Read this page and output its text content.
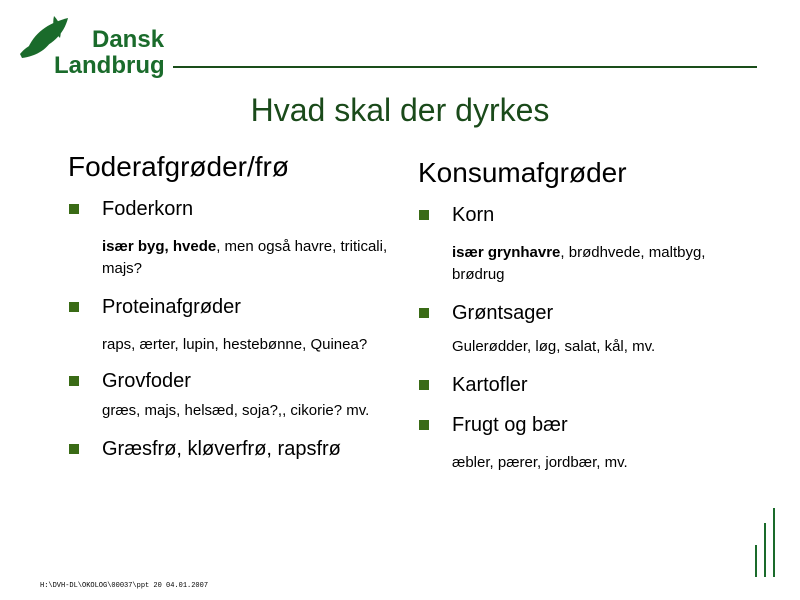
Dansk
Landbrug
Hvad skal der dyrkes
Foderafgrøder/frø
Foderkorn
især byg, hvede, men også havre, triticali, majs?
Proteinafgrøder
raps, ærter, lupin, hestebønne, Quinea?
Grovfoder
græs, majs, helsæd, soja?,, cikorie? mv.
Græsfrø, kløverfrø, rapsfrø
Konsumafgrøder
Korn
især grynhavre, brødhvede, maltbyg, brødrug
Grøntsager
Gulerødder, løg, salat, kål, mv.
Kartofler
Frugt og bær
æbler, pærer, jordbær, mv.
H:\DVH-DL\OKOLOG\00037\ppt 20 04.01.2007
